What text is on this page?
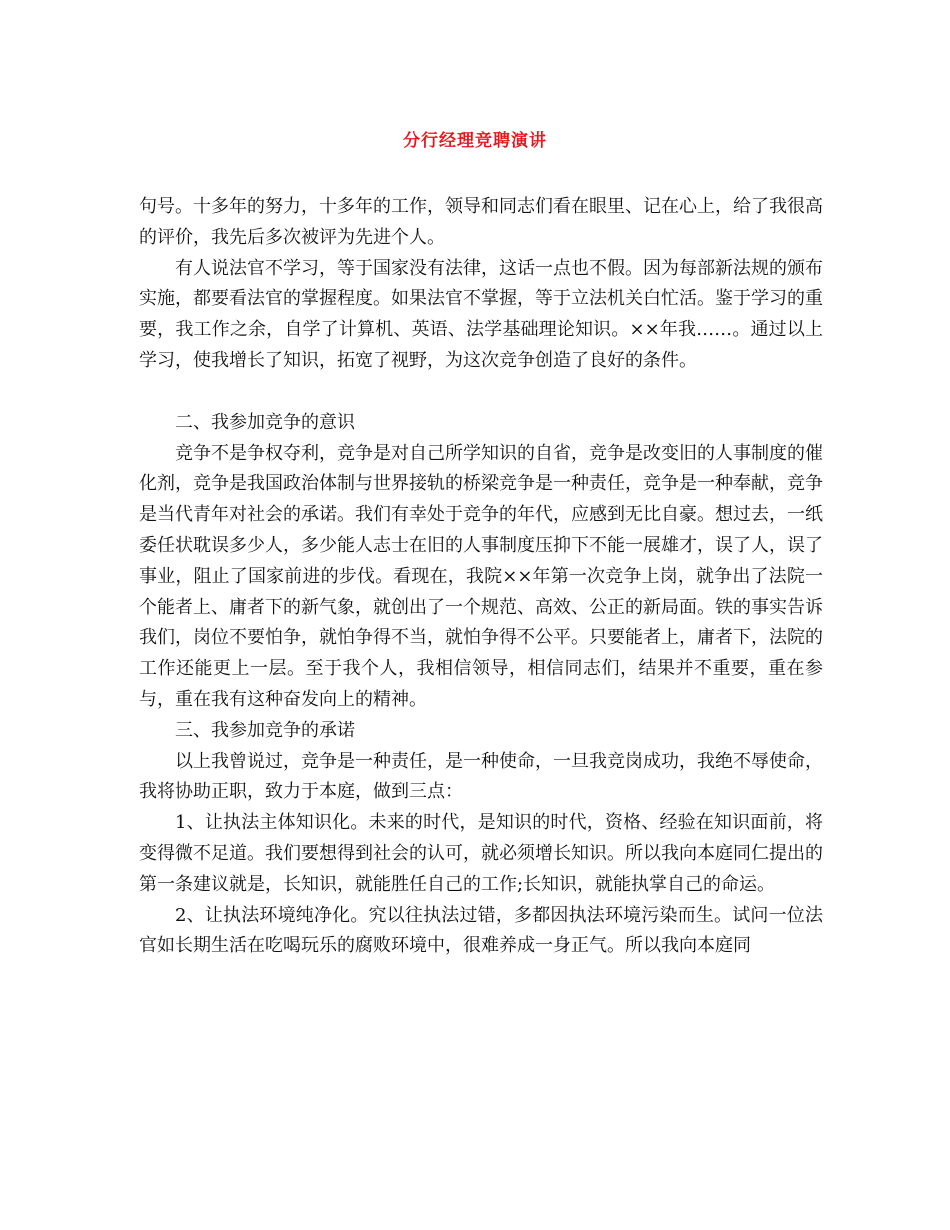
分行经理竞聘演讲

句号。十多年的努力，十多年的工作，领导和同志们看在眼里、记在心上，给了我很高的评价，我先后多次被评为先进个人。

有人说法官不学习，等于国家没有法律，这话一点也不假。因为每部新法规的颁布实施，都要看法官的掌握程度。如果法官不掌握，等于立法机关白忙活。鉴于学习的重要，我工作之余，自学了计算机、英语、法学基础理论知识。××年我……。通过以上学习，使我增长了知识，拓宽了视野，为这次竞争创造了良好的条件。

二、我参加竞争的意识

竞争不是争权夺利，竞争是对自己所学知识的自省，竞争是改变旧的人事制度的催化剂，竞争是我国政治体制与世界接轨的桥梁竞争是一种责任，竞争是一种奉献，竞争是当代青年对社会的承诺。我们有幸处于竞争的年代，应感到无比自豪。想过去，一纸委任状耽误多少人，多少能人志士在旧的人事制度压抑下不能一展雄才，误了人，误了事业，阻止了国家前进的步伐。看现在，我院××年第一次竞争上岗，就争出了法院一个能者上、庸者下的新气象，就创出了一个规范、高效、公正的新局面。铁的事实告诉我们，岗位不要怕争，就怕争得不当，就怕争得不公平。只要能者上，庸者下，法院的工作还能更上一层。至于我个人，我相信领导，相信同志们，结果并不重要，重在参与，重在我有这种奋发向上的精神。

三、我参加竞争的承诺

以上我曾说过，竞争是一种责任，是一种使命，一旦我竞岗成功，我绝不辱使命，我将协助正职，致力于本庭，做到三点：

1、让执法主体知识化。未来的时代，是知识的时代，资格、经验在知识面前，将变得微不足道。我们要想得到社会的认可，就必须增长知识。所以我向本庭同仁提出的第一条建议就是，长知识，就能胜任自己的工作;长知识，就能执掌自己的命运。

2、让执法环境纯净化。究以往执法过错，多都因执法环境污染而生。试问一位法官如长期生活在吃喝玩乐的腐败环境中，很难养成一身正气。所以我向本庭同
